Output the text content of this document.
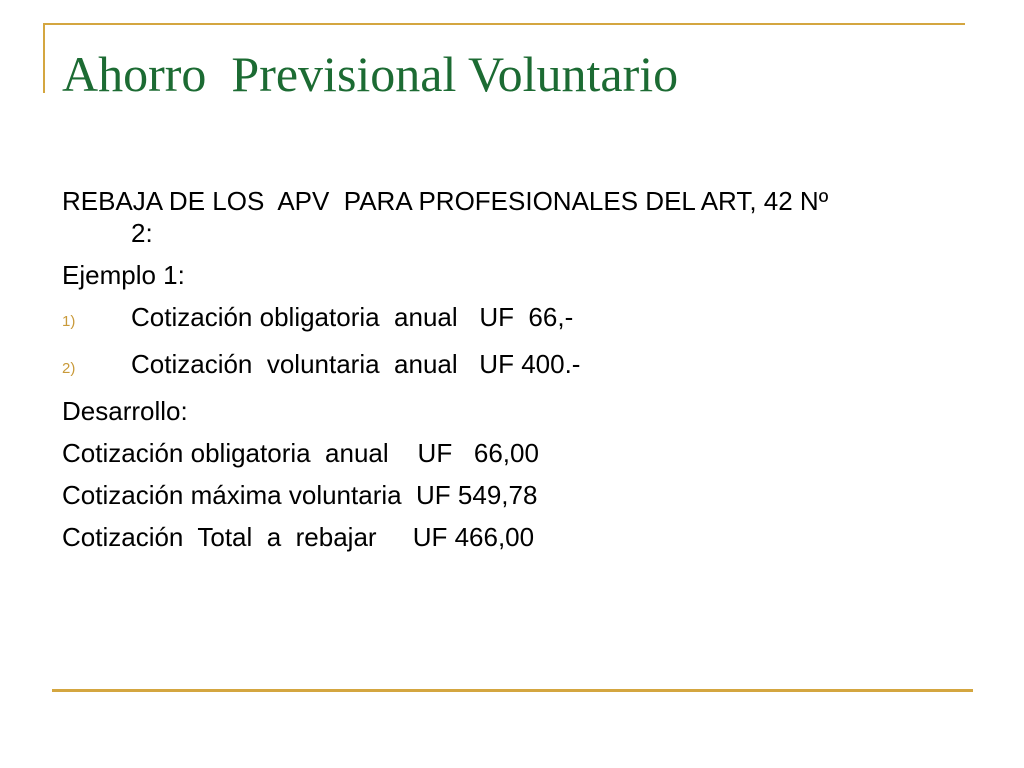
Ahorro  Previsional Voluntario
REBAJA DE LOS  APV  PARA PROFESIONALES DEL ART, 42 Nº
2:
Ejemplo 1:
1)	Cotización obligatoria  anual   UF  66,-
2)	Cotización  voluntaria  anual   UF 400.-
Desarrollo:
Cotización obligatoria  anual    UF   66,00
Cotización máxima voluntaria  UF 549,78
Cotización  Total  a  rebajar     UF 466,00
